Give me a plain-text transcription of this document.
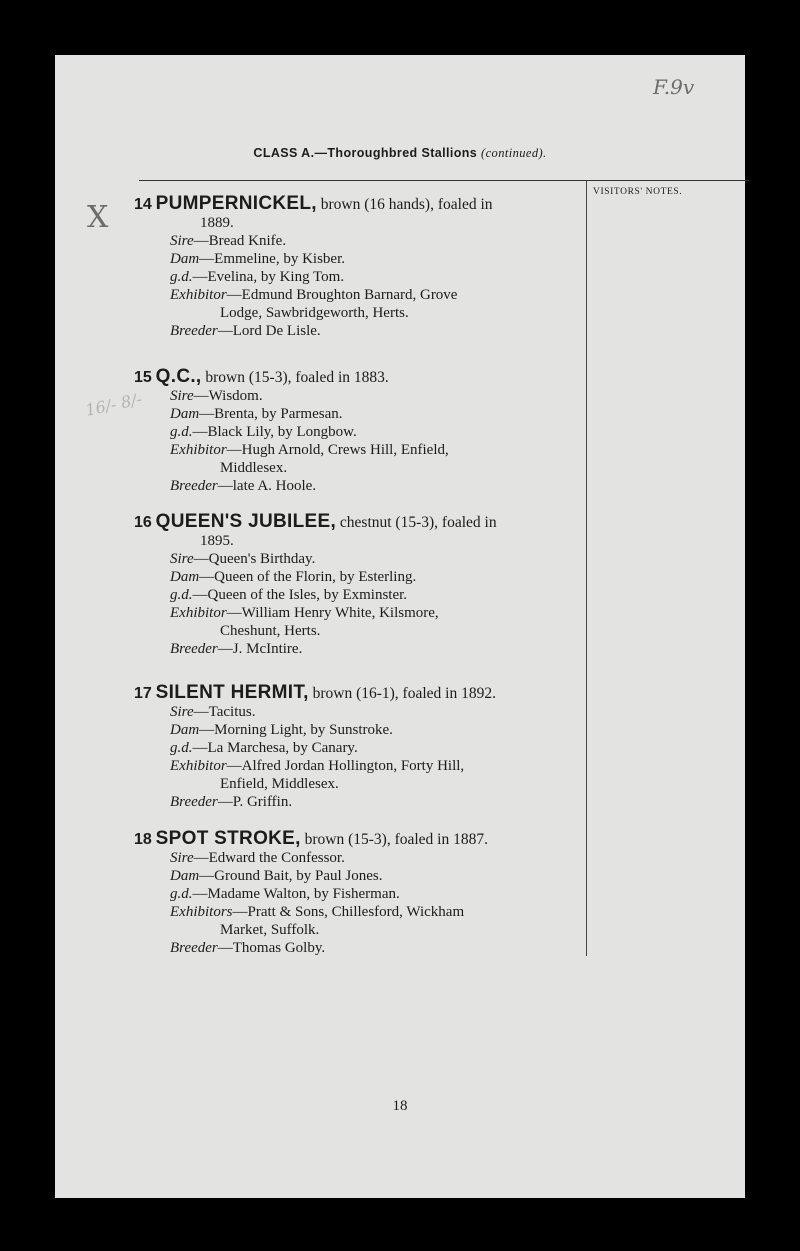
F.9v
X
16/- 8/-
CLASS A.—Thoroughbred Stallions (continued).
VISITORS' NOTES.
14 PUMPERNICKEL, brown (16 hands), foaled in
1889.
Sire—Bread Knife.
Dam—Emmeline, by Kisber.
g.d.—Evelina, by King Tom.
Exhibitor—Edmund Broughton Barnard, Grove
Lodge, Sawbridgeworth, Herts.
Breeder—Lord De Lisle.
15 Q.C., brown (15-3), foaled in 1883.
Sire—Wisdom.
Dam—Brenta, by Parmesan.
g.d.—Black Lily, by Longbow.
Exhibitor—Hugh Arnold, Crews Hill, Enfield,
Middlesex.
Breeder—late A. Hoole.
16 QUEEN'S JUBILEE, chestnut (15-3), foaled in
1895.
Sire—Queen's Birthday.
Dam—Queen of the Florin, by Esterling.
g.d.—Queen of the Isles, by Exminster.
Exhibitor—William Henry White, Kilsmore,
Cheshunt, Herts.
Breeder—J. McIntire.
17 SILENT HERMIT, brown (16-1), foaled in 1892.
Sire—Tacitus.
Dam—Morning Light, by Sunstroke.
g.d.—La Marchesa, by Canary.
Exhibitor—Alfred Jordan Hollington, Forty Hill,
Enfield, Middlesex.
Breeder—P. Griffin.
18 SPOT STROKE, brown (15-3), foaled in 1887.
Sire—Edward the Confessor.
Dam—Ground Bait, by Paul Jones.
g.d.—Madame Walton, by Fisherman.
Exhibitors—Pratt & Sons, Chillesford, Wickham
Market, Suffolk.
Breeder—Thomas Golby.
18
